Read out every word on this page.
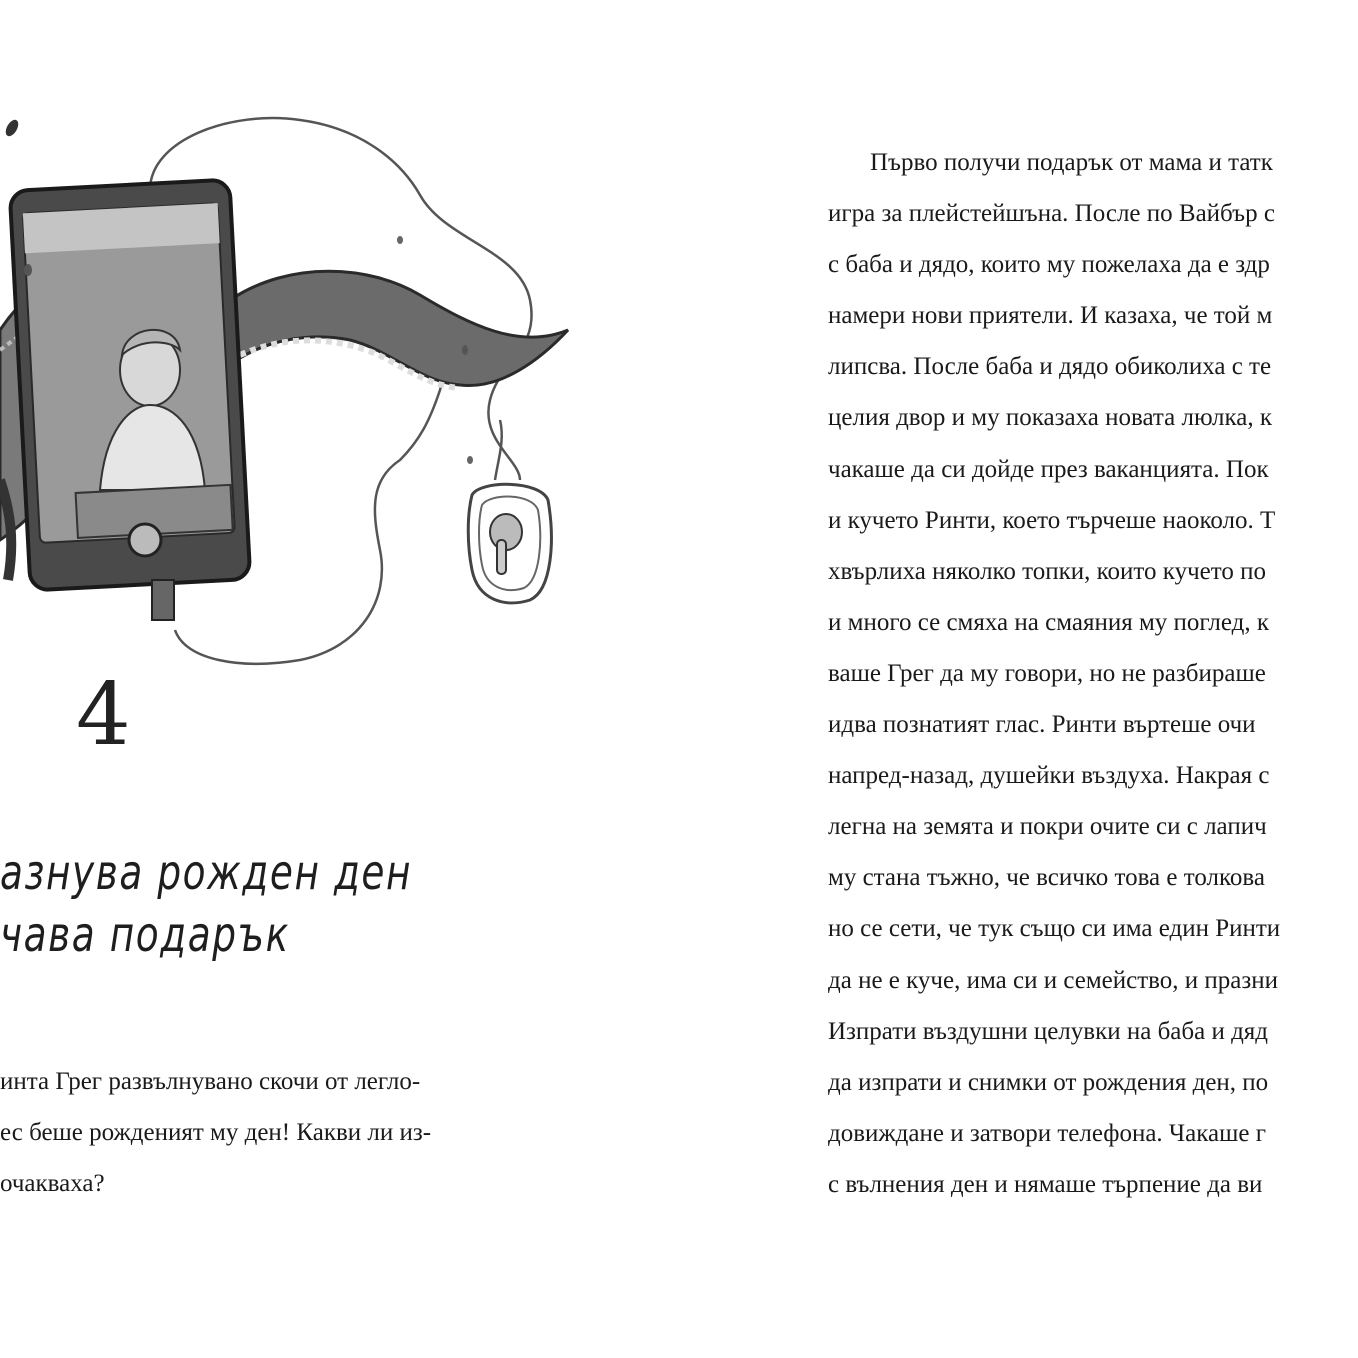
4
азнува рожден ден
чава подарък
инта Грег развълнувано скочи от легло-
ес беше рожденият му ден! Какви ли из-
очакваха?
Първо получи подарък от мама и татк
игра за плейстейшъна. После по Вайбър с
с баба и дядо, които му пожелаха да е здр
намери нови приятели. И казаха, че той м
липсва. После баба и дядо обиколиха с те
целия двор и му показаха новата люлка, к
чакаше да си дойде през ваканцията. Пок
и кучето Ринти, което търчеше наоколо. Т
хвърлиха няколко топки, които кучето по
и много се смяха на смаяния му поглед, к
ваше Грег да му говори, но не разбираше
идва познатият глас. Ринти въртеше очи
напред-назад, душейки въздуха. Накрая с
легна на земята и покри очите си с лапич
му стана тъжно, че всичко това е толкова
но се сети, че тук също си има един Ринти
да не е куче, има си и семейство, и празни
Изпрати въздушни целувки на баба и дяд
да изпрати и снимки от рождения ден, по
довиждане и затвори телефона. Чакаше г
с вълнения ден и нямаше търпение да ви
